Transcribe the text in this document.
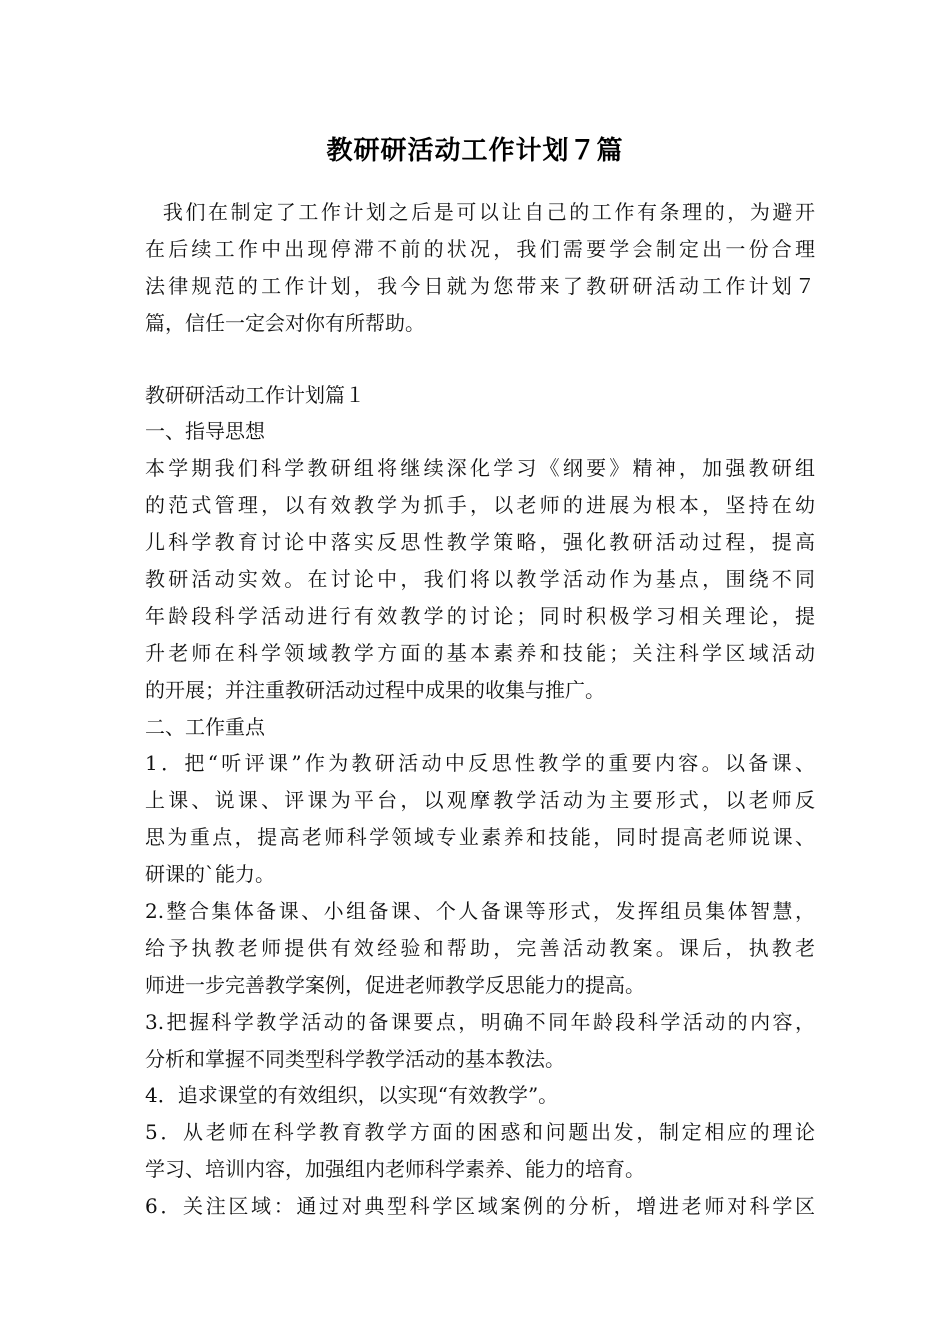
教研研活动工作计划７篇
我们在制定了工作计划之后是可以让自己的工作有条理的，为避开
在后续工作中出现停滞不前的状况，我们需要学会制定出一份合理
法律规范的工作计划，我今日就为您带来了教研研活动工作计划７
篇，信任一定会对你有所帮助。
教研研活动工作计划篇１
一、指导思想
本学期我们科学教研组将继续深化学习《纲要》精神，加强教研组
的范式管理，以有效教学为抓手，以老师的进展为根本，坚持在幼
儿科学教育讨论中落实反思性教学策略，强化教研活动过程，提高
教研活动实效。在讨论中，我们将以教学活动作为基点，围绕不同
年龄段科学活动进行有效教学的讨论；同时积极学习相关理论，提
升老师在科学领域教学方面的基本素养和技能；关注科学区域活动
的开展；并注重教研活动过程中成果的收集与推广。
二、工作重点
1．把“听评课”作为教研活动中反思性教学的重要内容。以备课、
上课、说课、评课为平台，以观摩教学活动为主要形式，以老师反
思为重点，提高老师科学领域专业素养和技能，同时提高老师说课、
研课的`能力。
2.整合集体备课、小组备课、个人备课等形式，发挥组员集体智慧，
给予执教老师提供有效经验和帮助，完善活动教案。课后，执教老
师进一步完善教学案例，促进老师教学反思能力的提高。
3.把握科学教学活动的备课要点，明确不同年龄段科学活动的内容，
分析和掌握不同类型科学教学活动的基本教法。
4．追求课堂的有效组织，以实现“有效教学”。
5．从老师在科学教育教学方面的困惑和问题出发，制定相应的理论
学习、培训内容，加强组内老师科学素养、能力的培育。
6．关注区域：通过对典型科学区域案例的分析，增进老师对科学区
